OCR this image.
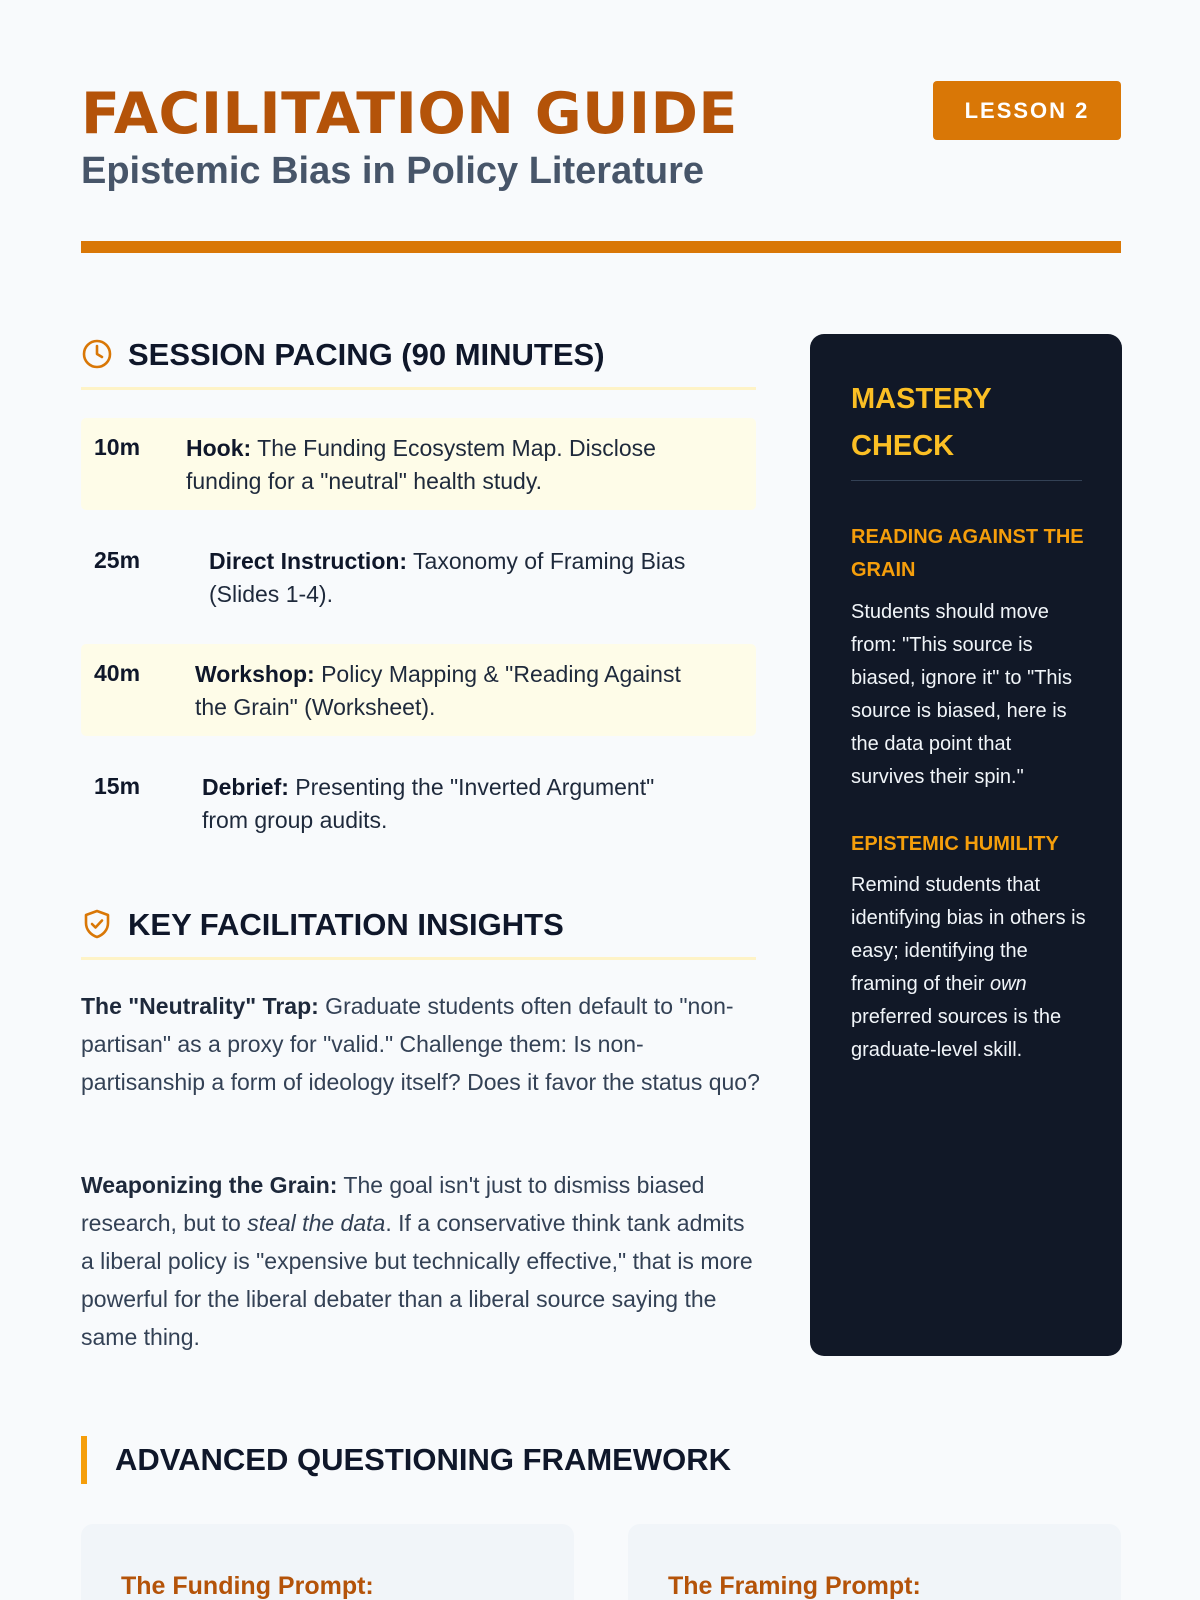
FACILITATION GUIDE
Epistemic Bias in Policy Literature
LESSON 2
SESSION PACING (90 MINUTES)
10m Hook: The Funding Ecosystem Map. Disclose funding for a "neutral" health study.
25m	Direct Instruction: Taxonomy of Framing Bias (Slides 1-4).
40m Workshop: Policy Mapping & "Reading Against the Grain" (Worksheet).
15m	Debrief: Presenting the "Inverted Argument" from group audits.
KEY FACILITATION INSIGHTS

The "Neutrality" Trap: Graduate students often default to "non-partisan" as a proxy for "valid." Challenge them: Is non-partisanship a form of ideology itself? Does it favor the status quo?

Weaponizing the Grain: The goal isn't just to dismiss biased research, but to steal the data. If a conservative think tank admits a liberal policy is "expensive but technically effective," that is more powerful for the liberal debater than a liberal source saying the same thing.

MASTERY CHECK
READING AGAINST THE GRAIN

Students should move from: "This source is biased, ignore it" to "This source is biased, here is the data point that survives their spin."

EPISTEMIC HUMILITY

Remind students that identifying bias in others is easy; identifying the framing of their own preferred sources is the graduate-level skill.

ADVANCED QUESTIONING FRAMEWORK
The Funding Prompt:	The Framing Prompt:
